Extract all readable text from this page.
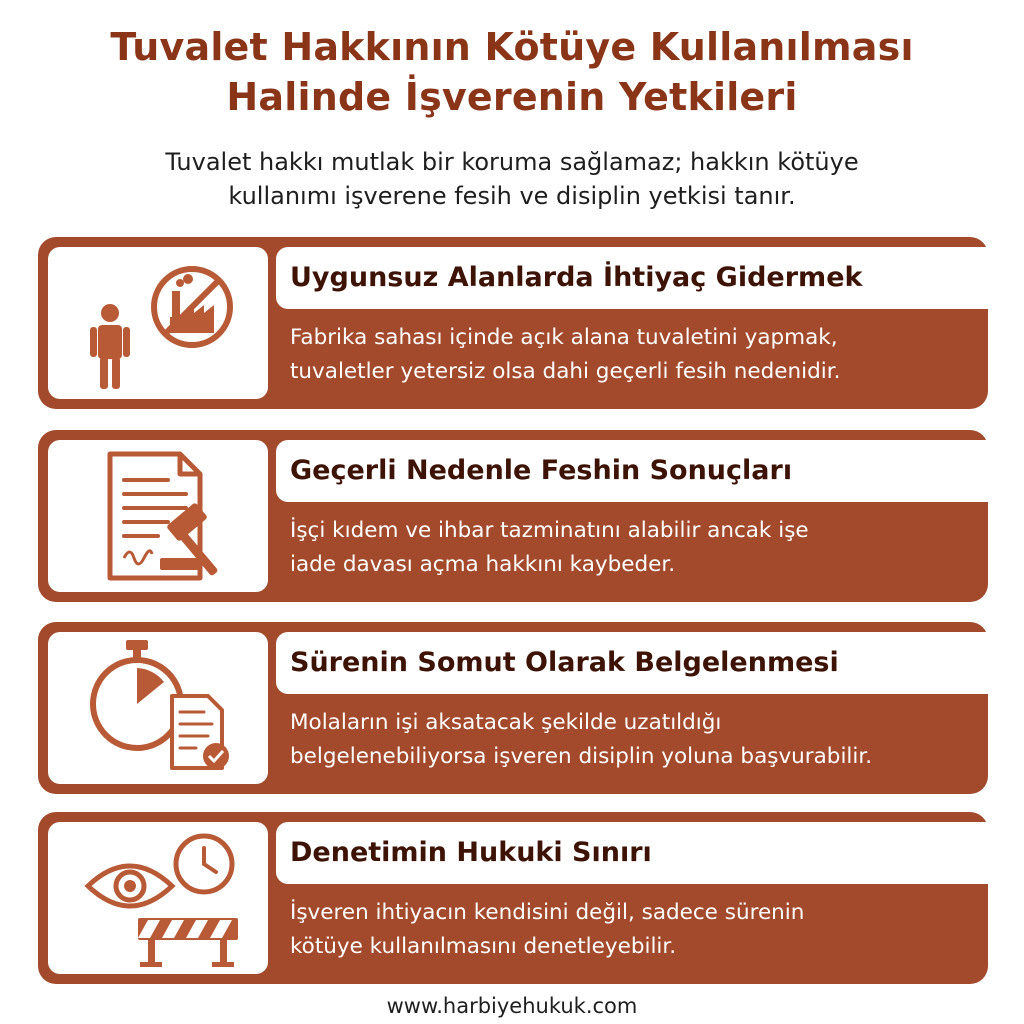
Tuvalet Hakkının Kötüye Kullanılması
Halinde İşverenin Yetkileri
Tuvalet hakkı mutlak bir koruma sağlamaz; hakkın kötüye
kullanımı işverene fesih ve disiplin yetkisi tanır.
Uygunsuz Alanlarda İhtiyaç Gidermek
Fabrika sahası içinde açık alana tuvaletini yapmak,
tuvaletler yetersiz olsa dahi geçerli fesih nedenidir.
Geçerli Nedenle Feshin Sonuçları
İşçi kıdem ve ihbar tazminatını alabilir ancak işe
iade davası açma hakkını kaybeder.
Sürenin Somut Olarak Belgelenmesi
Molaların işi aksatacak şekilde uzatıldığı
belgelenebiliyorsa işveren disiplin yoluna başvurabilir.
Denetimin Hukuki Sınırı
İşveren ihtiyacın kendisini değil, sadece sürenin
kötüye kullanılmasını denetleyebilir.
www.harbiyehukuk.com
